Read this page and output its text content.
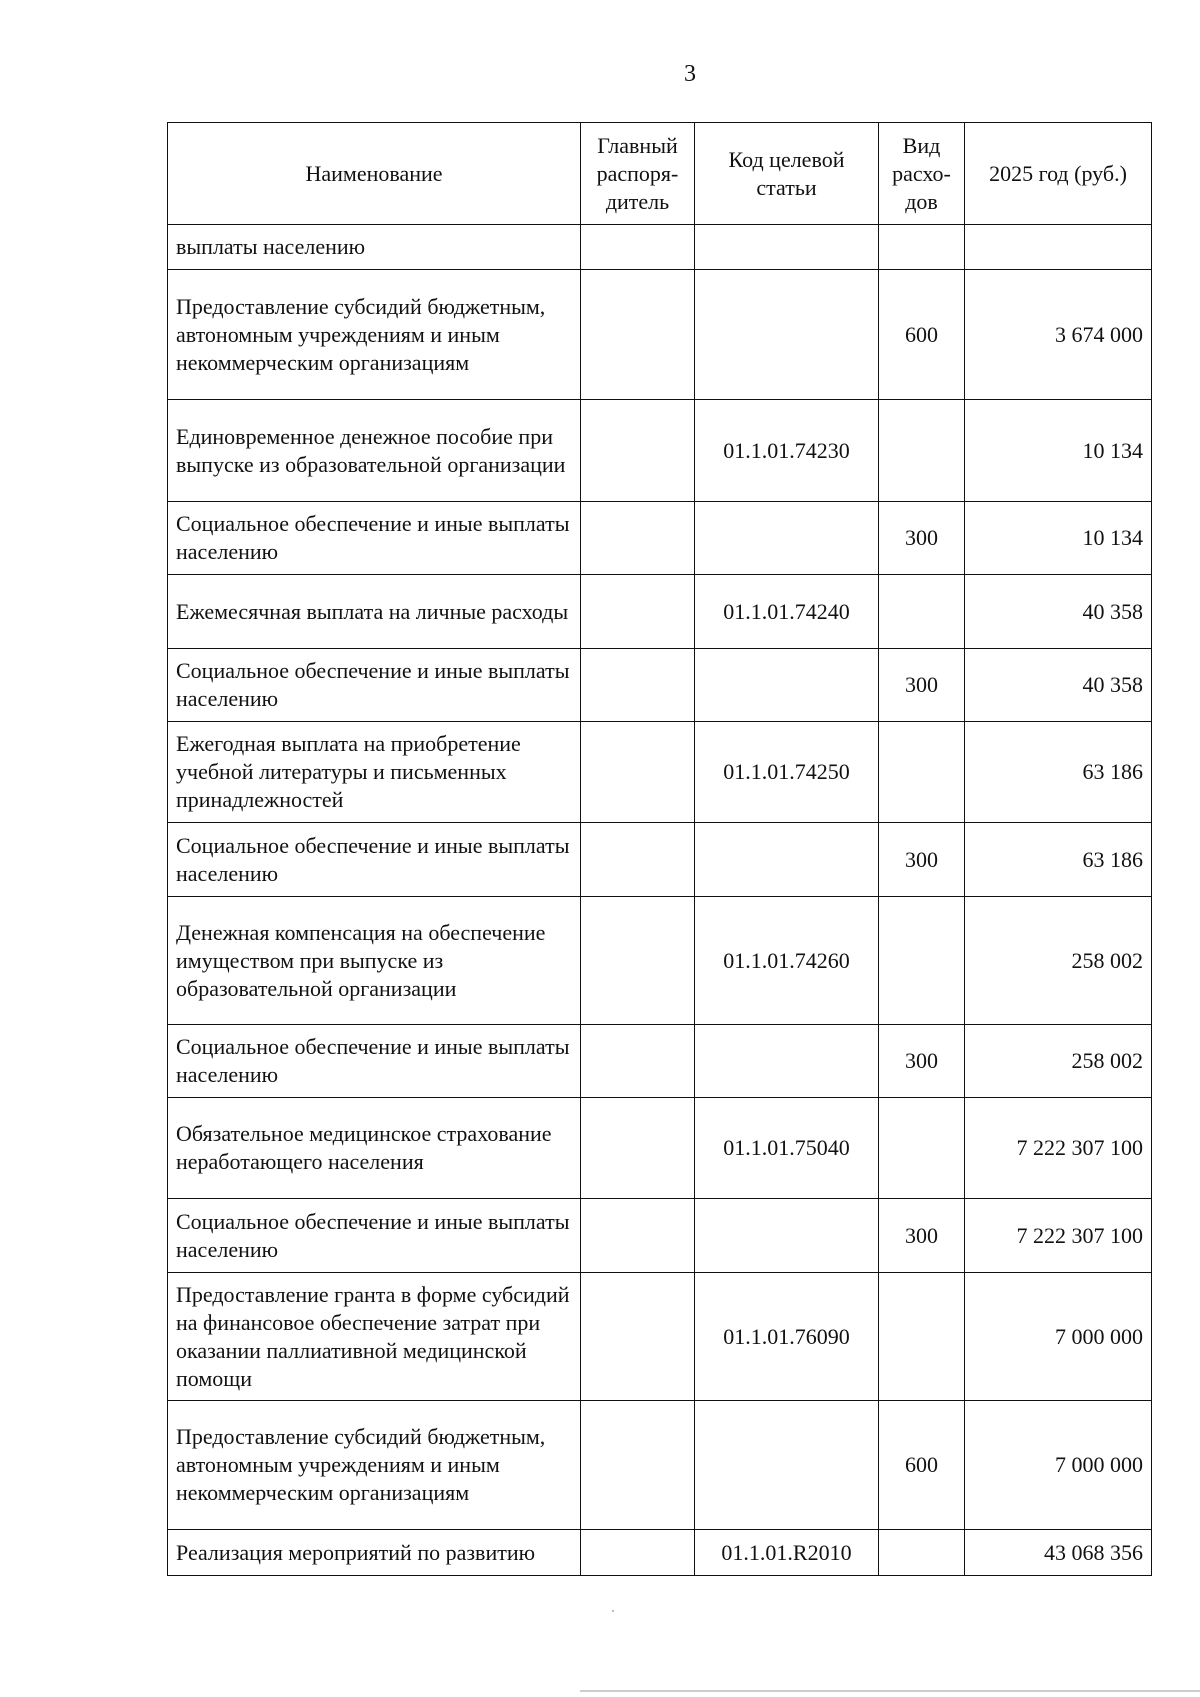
3
Наименование	Главный распоря-дитель	Код целевой статьи	Вид расхо-дов	2025 год (руб.)
выплаты населению				
Предоставление субсидий бюджетным, автономным учреждениям и иным некоммерческим организациям			600	3 674 000
Единовременное денежное пособие при выпуске из образовательной организации		01.1.01.74230		10 134
Социальное обеспечение и иные выплаты населению			300	10 134
Ежемесячная выплата на личные расходы		01.1.01.74240		40 358
Социальное обеспечение и иные выплаты населению			300	40 358
Ежегодная выплата на приобретение учебной литературы и письменных принадлежностей		01.1.01.74250		63 186
Социальное обеспечение и иные выплаты населению			300	63 186
Денежная компенсация на обеспечение имуществом при выпуске из образовательной организации		01.1.01.74260		258 002
Социальное обеспечение и иные выплаты населению			300	258 002
Обязательное медицинское страхование неработающего населения		01.1.01.75040		7 222 307 100
Социальное обеспечение и иные выплаты населению			300	7 222 307 100
Предоставление гранта в форме субсидий на финансовое обеспечение затрат при оказании паллиативной медицинской помощи		01.1.01.76090		7 000 000
Предоставление субсидий бюджетным, автономным учреждениям и иным некоммерческим организациям			600	7 000 000
Реализация мероприятий по развитию		01.1.01.R2010		43 068 356
